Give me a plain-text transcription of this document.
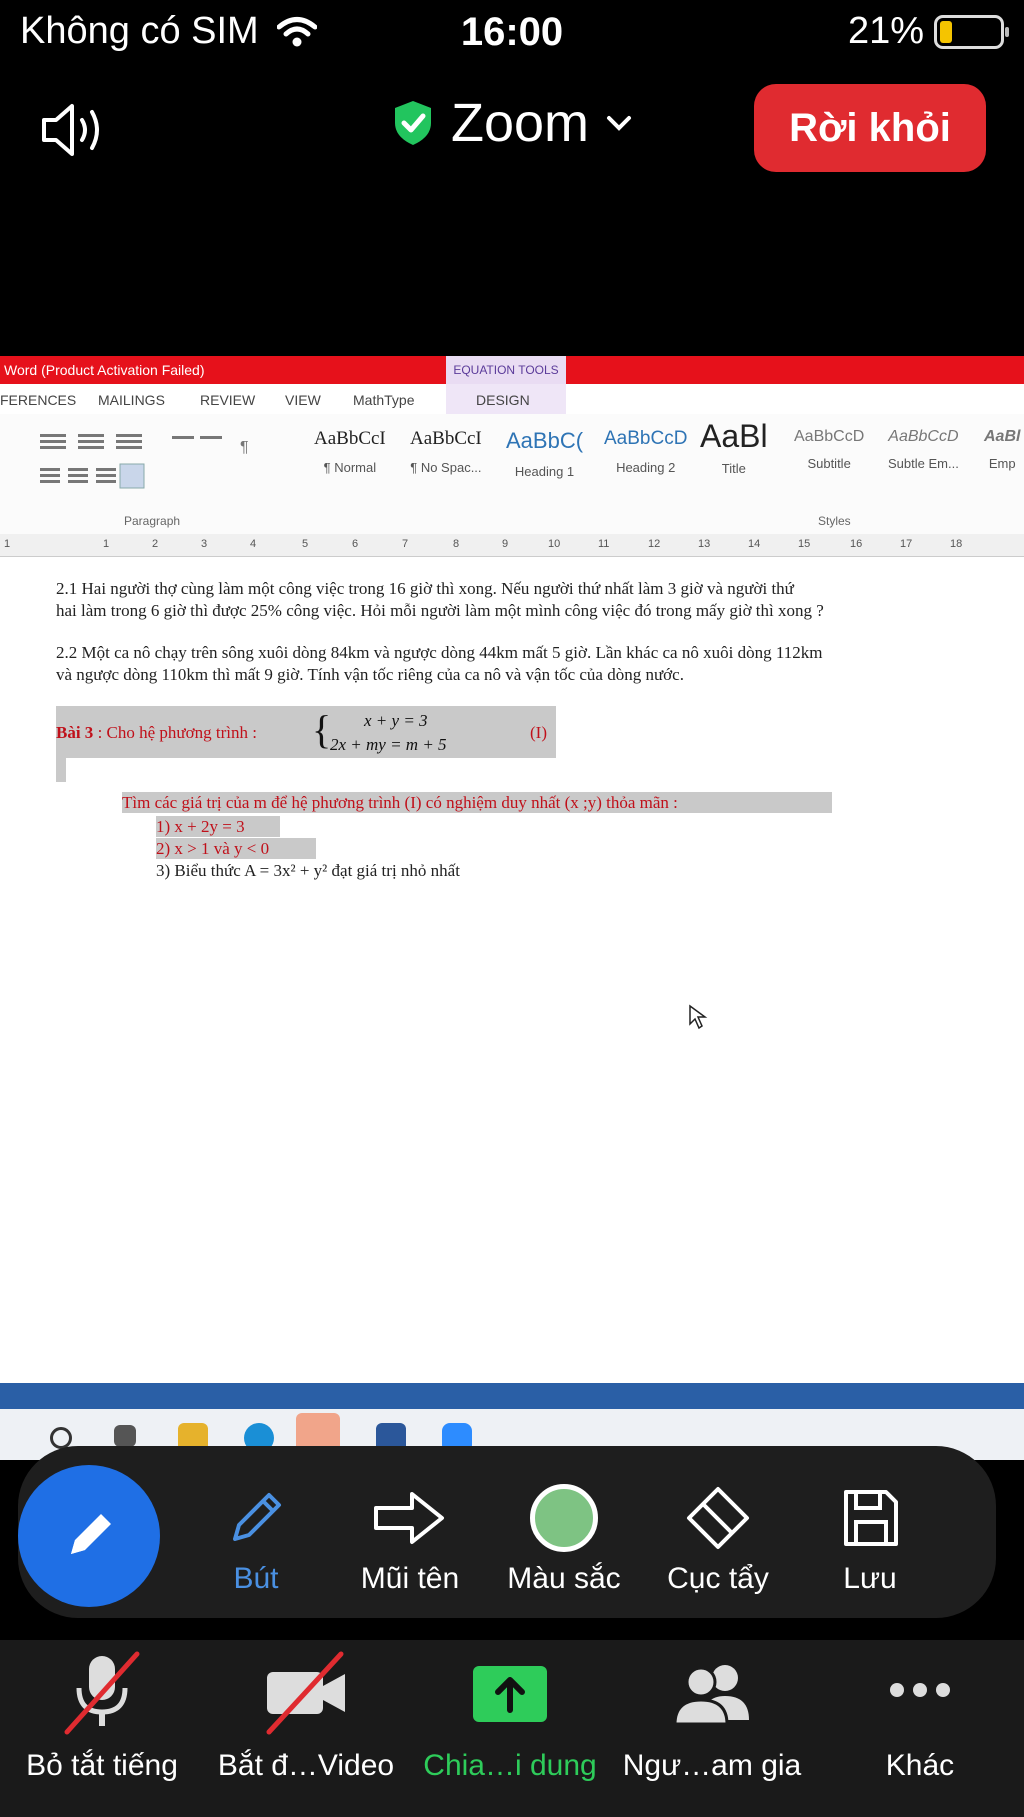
Không có SIM	16:00	21%
Zoom	Rời khỏi
Word (Product Activation Failed)	EQUATION TOOLS
FERENCES MAILINGS	REVIEW VIEW MathType	DESIGN
¶	AaBbCcI
¶ Normal
AaBbCcI
¶ No Spac...
AaBbC(
Heading 1
AaBbCcD
Heading 2
AaBl
Title
AaBbCcD
Subtitle
AaBbCcD
Subtle Em...
AaBl
Emp
Paragraph	Styles
1	1	2	3	4	5	6	7	8	9	10	11	12	13	14	15	16	17	18

2.1 Hai người thợ cùng làm một công việc trong 16 giờ thì xong. Nếu người thứ nhất làm 3 giờ và người thứ

hai làm trong 6 giờ thì được 25% công việc. Hỏi mỗi người làm một mình công việc đó trong mấy giờ thì xong ?

2.2 Một ca nô chạy trên sông xuôi dòng 84km và ngược dòng 44km mất 5 giờ. Lần khác ca nô xuôi dòng 112km

và ngược dòng 110km thì mất 9 giờ. Tính vận tốc riêng của ca nô và vận tốc của dòng nước.

Bài 3 : Cho hệ phương trình :	{ x + y = 3

2x + my = m + 5

(I)

Tìm các giá trị của m để hệ phương trình (I) có nghiệm duy nhất (x ;y) thỏa mãn :

1) x + 2y = 3

2) x > 1 và y < 0

3) Biểu thức A = 3x² + y² đạt giá trị nhỏ nhất

Bút	Mũi tên	Màu sắc	Cục tẩy	Lưu
Bỏ tắt tiếng	Bắt đ…Video Chia…i dung Ngư…am gia	Khác
